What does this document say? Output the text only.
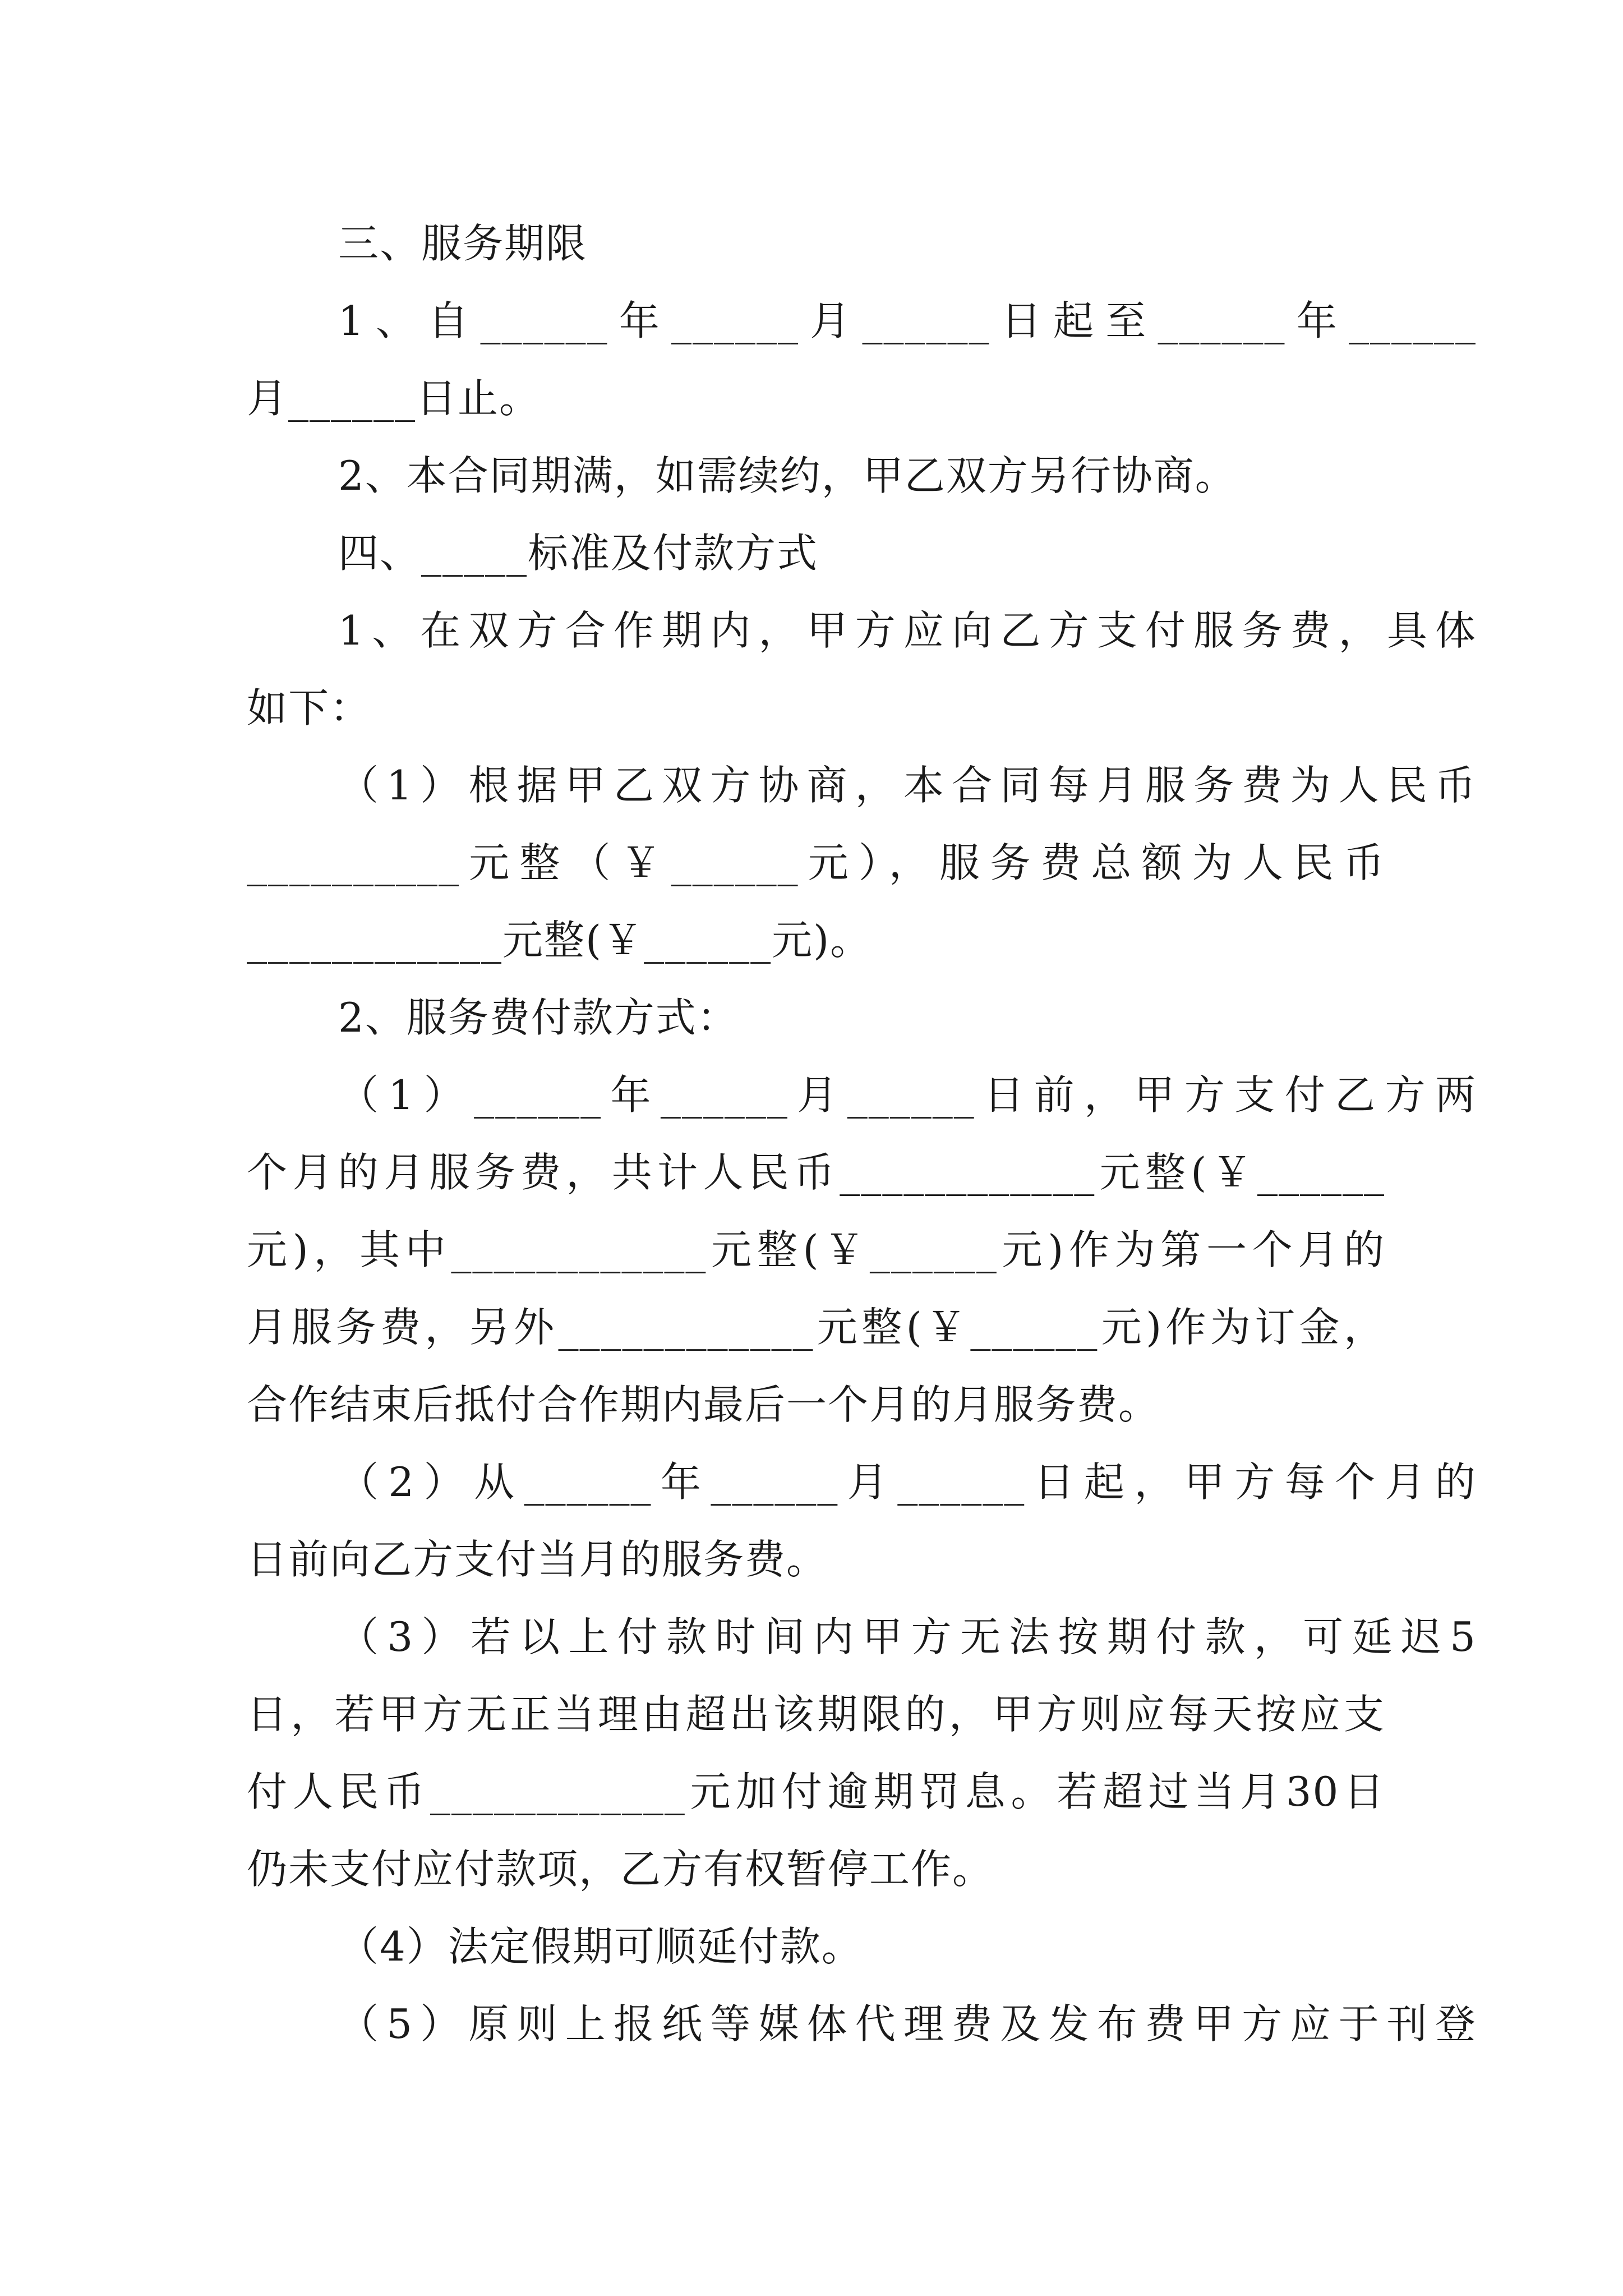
三、服务期限
1、自______年______月______日起至______年______
月______日止。
2、本合同期满，如需续约，甲乙双方另行协商。
四、_____标准及付款方式
1、在双方合作期内，甲方应向乙方支付服务费，具体
如下：
（1）根据甲乙双方协商，本合同每月服务费为人民币
__________元整（￥______元），服务费总额为人民币
____________元整(￥______元)。
2、服务费付款方式：
（1）______年______月______日前，甲方支付乙方两
个月的月服务费，共计人民币____________元整(￥______
元)，其中____________元整(￥______元)作为第一个月的
月服务费，另外____________元整(￥______元)作为订金，
合作结束后抵付合作期内最后一个月的月服务费。
（2）从______年______月______日起，甲方每个月的
日前向乙方支付当月的服务费。
（3）若以上付款时间内甲方无法按期付款，可延迟5
日，若甲方无正当理由超出该期限的，甲方则应每天按应支
付人民币____________元加付逾期罚息。若超过当月30日
仍未支付应付款项，乙方有权暂停工作。
（4）法定假期可顺延付款。
（5）原则上报纸等媒体代理费及发布费甲方应于刊登
